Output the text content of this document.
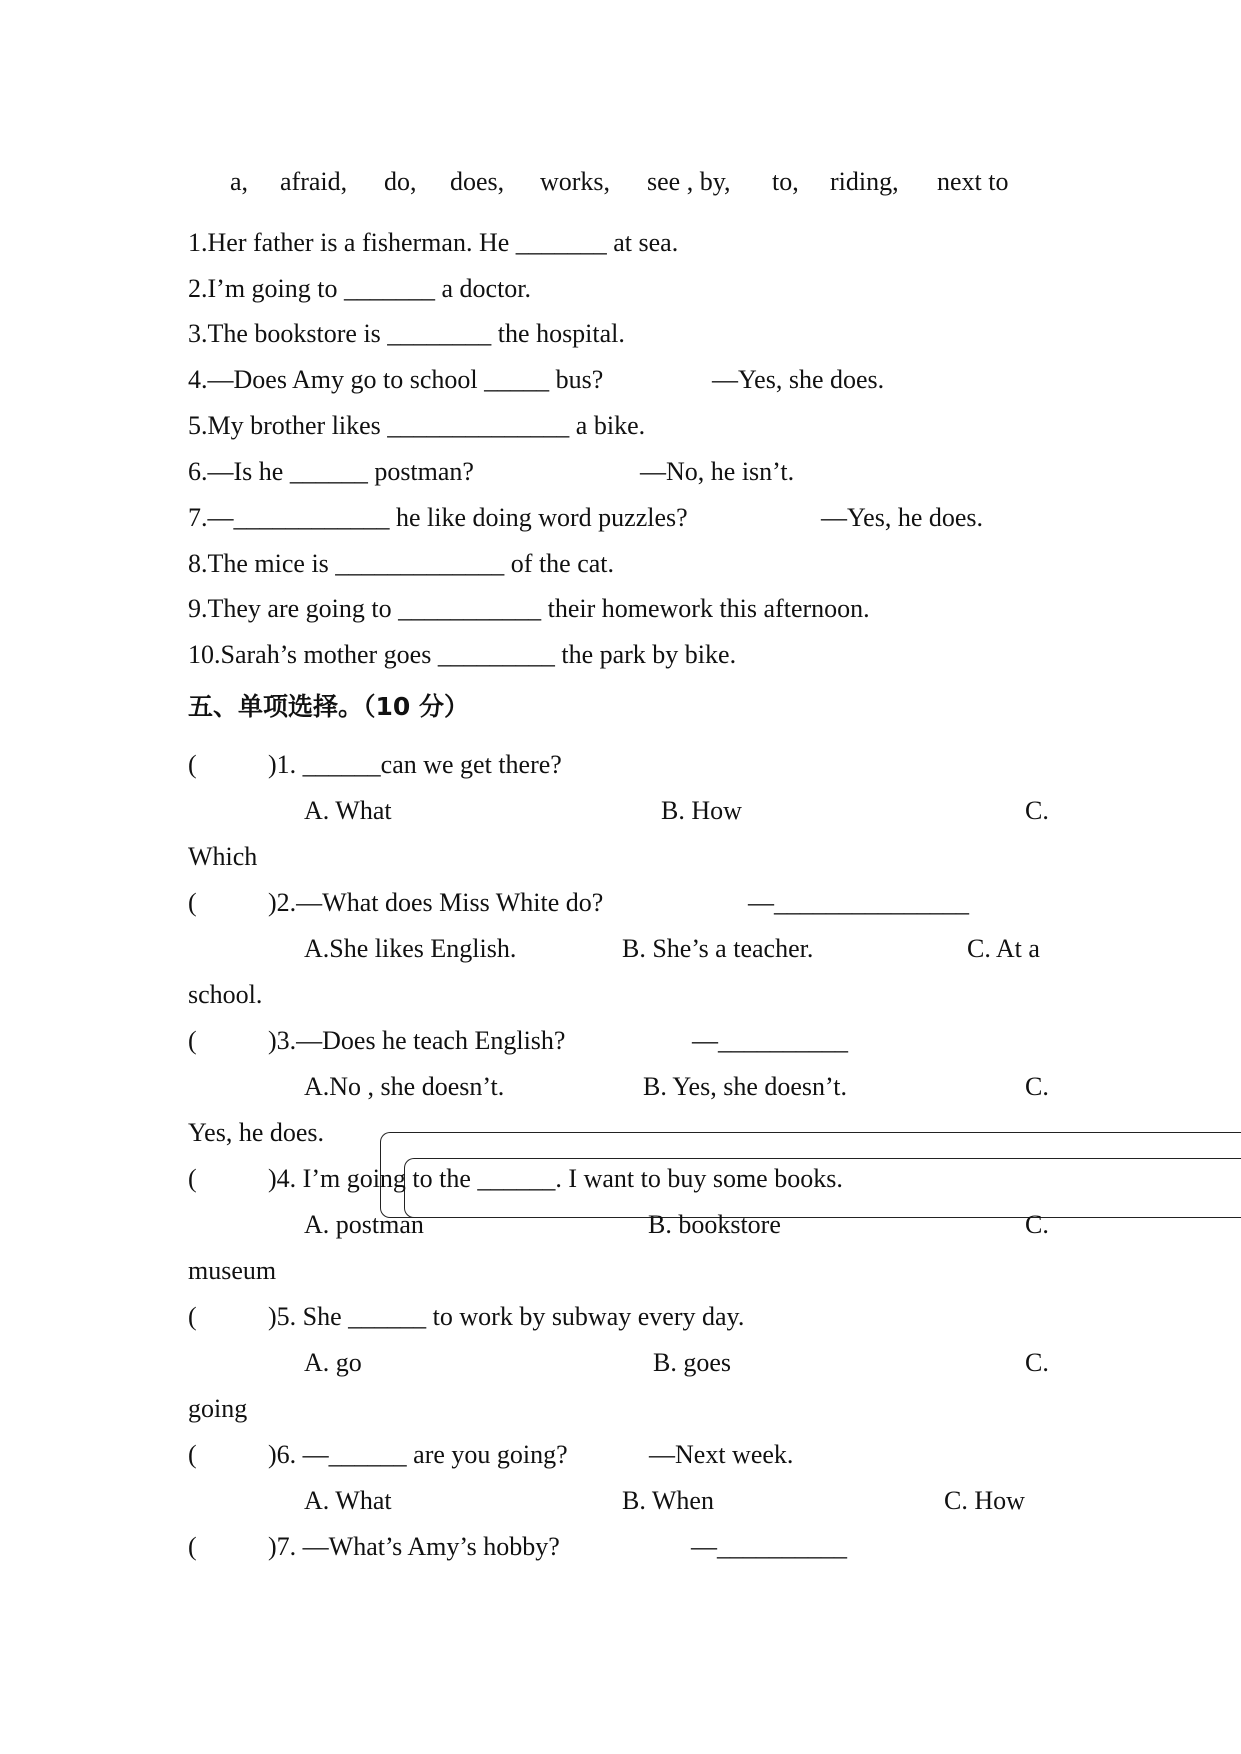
a, afraid, do, does, works, see , by, to, riding, next to
1.Her father is a fisherman. He _______ at sea.
2.I’m going to _______ a doctor.
3.The bookstore is ________ the hospital.
4.—Does Amy go to school _____ bus?	—Yes, she does.
5.My brother likes ______________ a bike.
6.—Is he ______ postman?	—No, he isn’t.
7.—____________ he like doing word puzzles?	—Yes, he does.
8.The mice is _____________ of the cat.
9.They are going to ___________ their homework this afternoon.
10.Sarah’s mother goes _________ the park by bike.
五、单项选择。（10 分）
(	)1. ______can we get there?
A. What	B. How	C.
Which
(	)2.—What does Miss White do?	—_______________
A.She likes English.	B. She’s a teacher.	C. At a
school.
(	)3.—Does he teach English?	—__________
A.No , she doesn’t.	B. Yes, she doesn’t.	C.
Yes, he does.
(	)4. I’m going to the ______. I want to buy some books.
A. postman	B. bookstore	C.
museum
(	)5. She ______ to work by subway every day.
A. go	B. goes	C.
going
(	)6. —______ are you going?	—Next week.
A. What	B. When	C. How
(	)7. —What’s Amy’s hobby?	—__________
